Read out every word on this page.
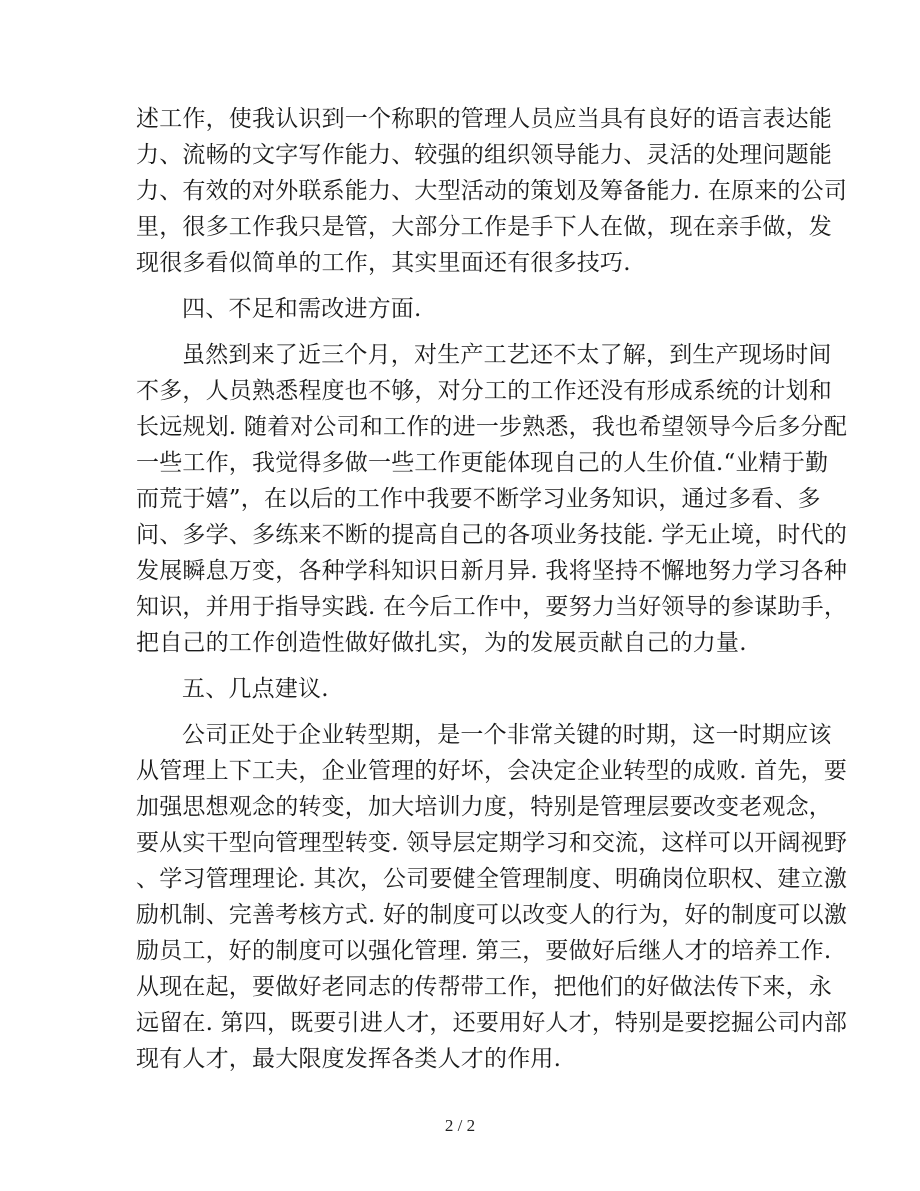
述工作，使我认识到一个称职的管理人员应当具有良好的语言表达能
力、流畅的文字写作能力、较强的组织领导能力、灵活的处理问题能
力、有效的对外联系能力、大型活动的策划及筹备能力. 在原来的公司
里，很多工作我只是管，大部分工作是手下人在做，现在亲手做，发
现很多看似简单的工作，其实里面还有很多技巧.
四、不足和需改进方面.
虽然到来了近三个月，对生产工艺还不太了解，到生产现场时间
不多，人员熟悉程度也不够，对分工的工作还没有形成系统的计划和
长远规划. 随着对公司和工作的进一步熟悉，我也希望领导今后多分配
一些工作，我觉得多做一些工作更能体现自己的人生价值.“业精于勤
而荒于嬉”，在以后的工作中我要不断学习业务知识，通过多看、多
问、多学、多练来不断的提高自己的各项业务技能. 学无止境，时代的
发展瞬息万变，各种学科知识日新月异. 我将坚持不懈地努力学习各种
知识，并用于指导实践. 在今后工作中，要努力当好领导的参谋助手，
把自己的工作创造性做好做扎实，为的发展贡献自己的力量.
五、几点建议.
公司正处于企业转型期，是一个非常关键的时期，这一时期应该
从管理上下工夫，企业管理的好坏，会决定企业转型的成败. 首先，要
加强思想观念的转变，加大培训力度，特别是管理层要改变老观念，
要从实干型向管理型转变. 领导层定期学习和交流，这样可以开阔视野
、学习管理理论. 其次，公司要健全管理制度、明确岗位职权、建立激
励机制、完善考核方式. 好的制度可以改变人的行为，好的制度可以激
励员工，好的制度可以强化管理. 第三，要做好后继人才的培养工作.
从现在起，要做好老同志的传帮带工作，把他们的好做法传下来，永
远留在. 第四，既要引进人才，还要用好人才，特别是要挖掘公司内部
现有人才，最大限度发挥各类人才的作用.
2 / 2
